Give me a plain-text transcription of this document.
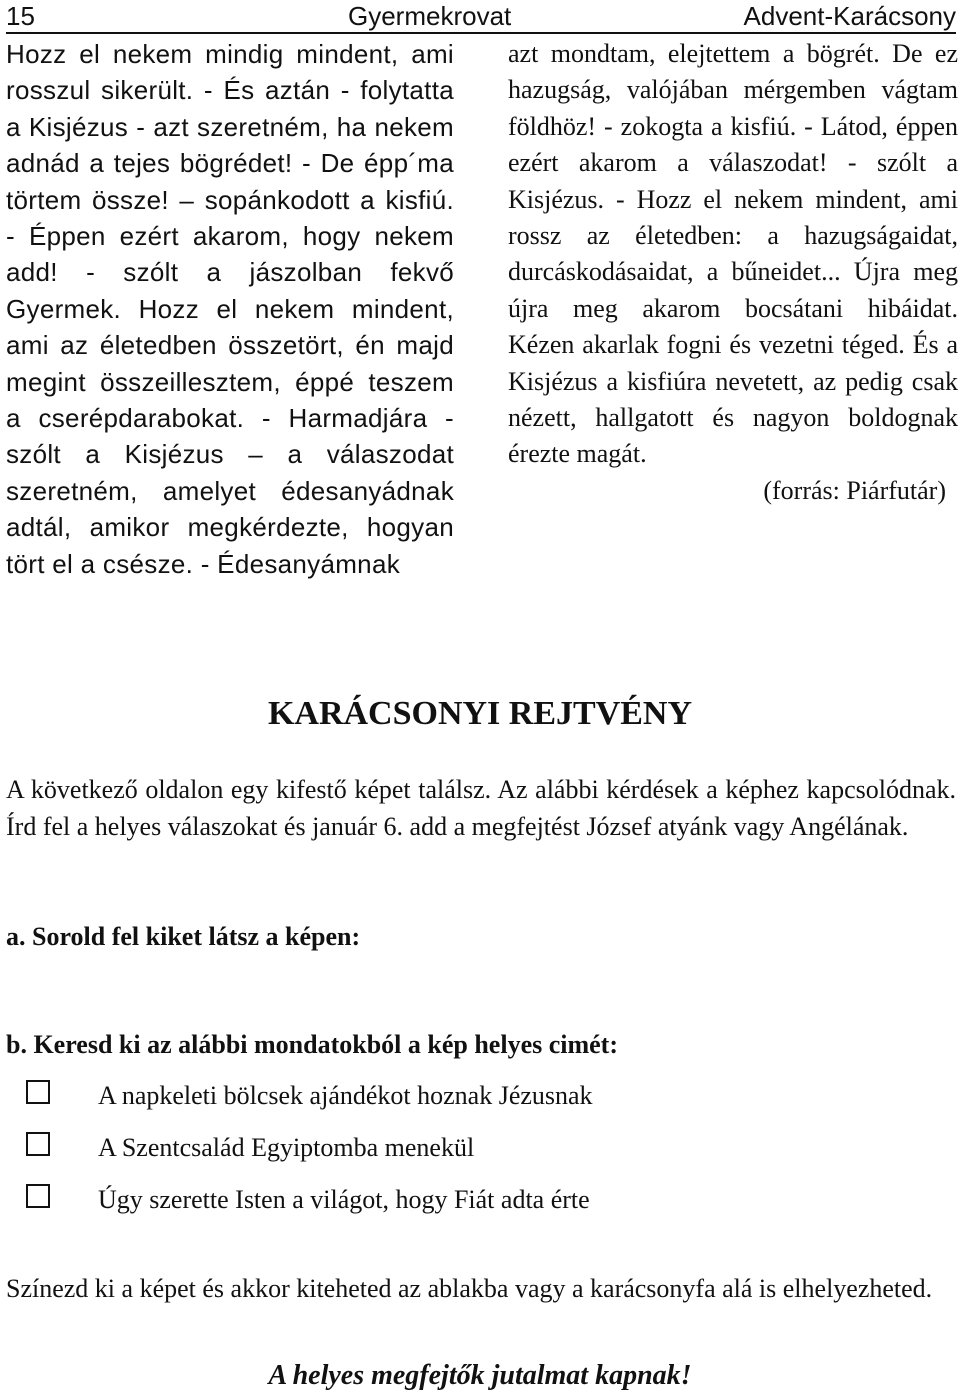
15	Gyermekrovat	Advent-Karácsony

Hozz el nekem mindig mindent, ami rosszul sikerült. - És aztán - folytatta a Kisjézus - azt szeretném, ha nekem adnád a tejes bögrédet! - De épp´ma törtem össze! – sopánkodott a kisfiú. - Éppen ezért akarom, hogy nekem add! - szólt a jászolban fekvő Gyermek. Hozz el nekem mindent, ami az életedben összetört, én majd megint összeillesztem, éppé teszem a cserépdarabokat. - Harmadjára - szólt a Kisjézus – a válaszodat szeretném, amelyet édesanyádnak adtál, amikor megkérdezte, hogyan tört el a csésze. - Édesanyámnak

azt mondtam, elejtettem a bögrét. De ez hazugság, valójában mérgemben vágtam földhöz! - zokogta a kisfiú. - Látod, éppen ezért akarom a válaszodat! - szólt a Kisjézus. - Hozz el nekem mindent, ami rossz az életedben: a hazugságaidat, durcáskodásaidat, a bűneidet... Újra meg újra meg akarom bocsátani hibáidat. Kézen akarlak fogni és vezetni téged. És a Kisjézus a kisfiúra nevetett, az pedig csak nézett, hallgatott és nagyon boldognak érezte magát.

(forrás: Piárfutár)

KARÁCSONYI REJTVÉNY

A következő oldalon egy kifestő képet találsz. Az alábbi kérdések a képhez kapcsolódnak. Írd fel a helyes válaszokat és január 6. add a megfejtést József atyánk vagy Angélának.

a. Sorold fel kiket látsz a képen:

b. Keresd ki az alábbi mondatokból a kép helyes cimét:

A napkeleti bölcsek ajándékot hoznak Jézusnak
A Szentcsalád Egyiptomba menekül
Úgy szerette Isten a világot, hogy Fiát adta érte

Színezd ki a képet és akkor kiteheted az ablakba vagy a karácsonyfa alá is elhelyezheted.

A helyes megfejtők jutalmat kapnak!
